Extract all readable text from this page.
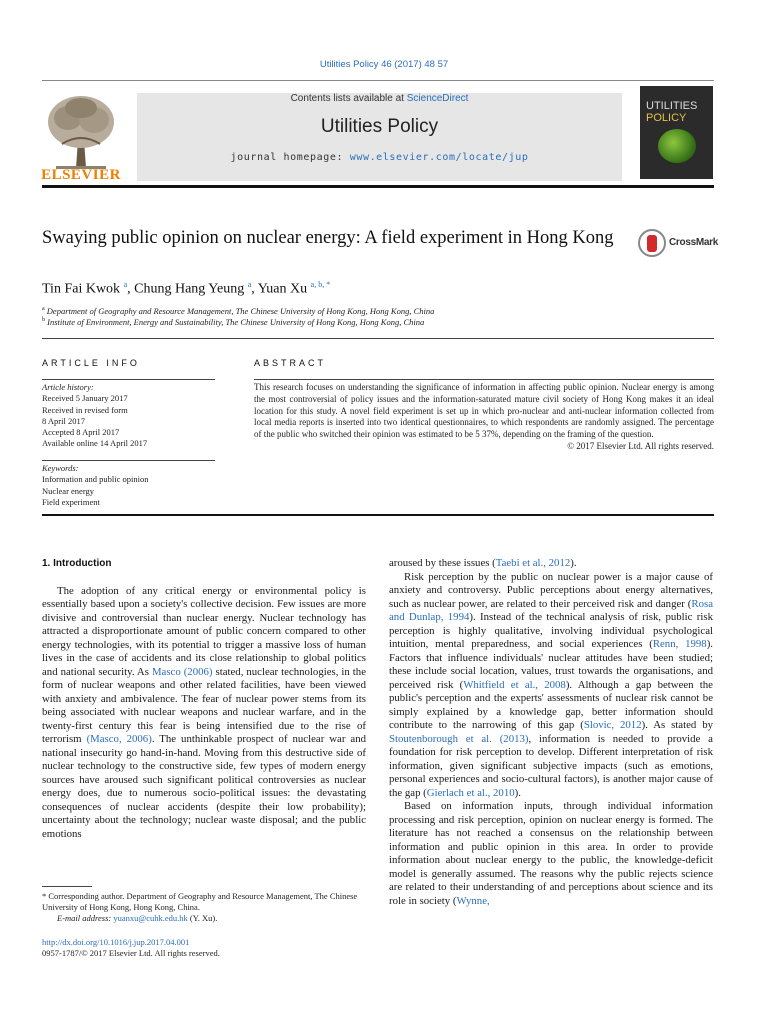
Utilities Policy 46 (2017) 48 57
ELSEVIER
Contents lists available at ScienceDirect
Utilities Policy
journal homepage: www.elsevier.com/locate/jup
UTILITIES
POLICY
Swaying public opinion on nuclear energy: A field experiment in Hong Kong	CrossMark
Tin Fai Kwok $^a$, Chung Hang Yeung $^a$, Yuan Xu $^{a, b, *}$
$^a$ Department of Geography and Resource Management, The Chinese University of Hong Kong, Hong Kong, China
$^b$ Institute of Environment, Energy and Sustainability, The Chinese University of Hong Kong, Hong Kong, China
ARTICLE INFO
Article history:
Received 5 January 2017
Received in revised form
8 April 2017
Accepted 8 April 2017
Available online 14 April 2017
Keywords:
Information and public opinion
Nuclear energy
Field experiment
ABSTRACT
This research focuses on understanding the significance of information in affecting public opinion. Nuclear energy is among the most controversial of policy issues and the information-saturated mature civil society of Hong Kong makes it an ideal location for this study. A novel field experiment is set up in which pro-nuclear and anti-nuclear information collected from local media reports is inserted into two identical questionnaires, to which respondents are randomly assigned. The percentage of the public who switched their opinion was estimated to be 5 37%, depending on the framing of the question.
© 2017 Elsevier Ltd. All rights reserved.
1. Introduction

The adoption of any critical energy or environmental policy is essentially based upon a society's collective decision. Few issues are more divisive and controversial than nuclear energy. Nuclear technology has attracted a disproportionate amount of public concern compared to other energy technologies, with its potential to trigger a massive loss of human lives in the case of accidents and its close relationship to global politics and national security. As Masco (2006) stated, nuclear technologies, in the form of nuclear weapons and other related facilities, have been viewed with anxiety and ambivalence. The fear of nuclear power stems from its being associated with nuclear weapons and nuclear warfare, and in the twenty-first century this fear is being intensified due to the rise of terrorism (Masco, 2006). The unthinkable prospect of nuclear war and national insecurity go hand-in-hand. Moving from this destructive side of nuclear technology to the constructive side, few types of modern energy sources have aroused such significant political controversies as nuclear energy does, due to numerous socio-political issues: the devastating consequences of nuclear accidents (despite their low probability); uncertainty about the technology; nuclear waste disposal; and the public emotions

aroused by these issues (Taebi et al., 2012).

Risk perception by the public on nuclear power is a major cause of anxiety and controversy. Public perceptions about energy alternatives, such as nuclear power, are related to their perceived risk and danger (Rosa and Dunlap, 1994). Instead of the technical analysis of risk, public risk perception is highly qualitative, involving individual psychological intuition, mental preparedness, and social experiences (Renn, 1998). Factors that influence individuals' nuclear attitudes have been studied; these include social location, values, trust towards the organisations, and perceived risk (Whitfield et al., 2008). Although a gap between the public's perception and the experts' assessments of nuclear risk cannot be simply explained by a knowledge gap, better information should contribute to the narrowing of this gap (Slovic, 2012). As stated by Stoutenborough et al. (2013), information is needed to provide a foundation for risk perception to develop. Different interpretation of risk information, given significant subjective impacts (such as emotions, personal experiences and socio-cultural factors), is another major cause of the gap (Gierlach et al., 2010).

Based on information inputs, through individual information processing and risk perception, opinion on nuclear energy is formed. The literature has not reached a consensus on the relationship between information and public opinion in this area. In order to provide information about nuclear energy to the public, the knowledge-deficit model is generally assumed. The reasons why the public rejects science are related to their understanding of and perceptions about science and its role in society (Wynne,

* Corresponding author. Department of Geography and Resource Management, The Chinese University of Hong Kong, Hong Kong, China.
E-mail address: yuanxu@cuhk.edu.hk (Y. Xu).
http://dx.doi.org/10.1016/j.jup.2017.04.001
0957-1787/© 2017 Elsevier Ltd. All rights reserved.
